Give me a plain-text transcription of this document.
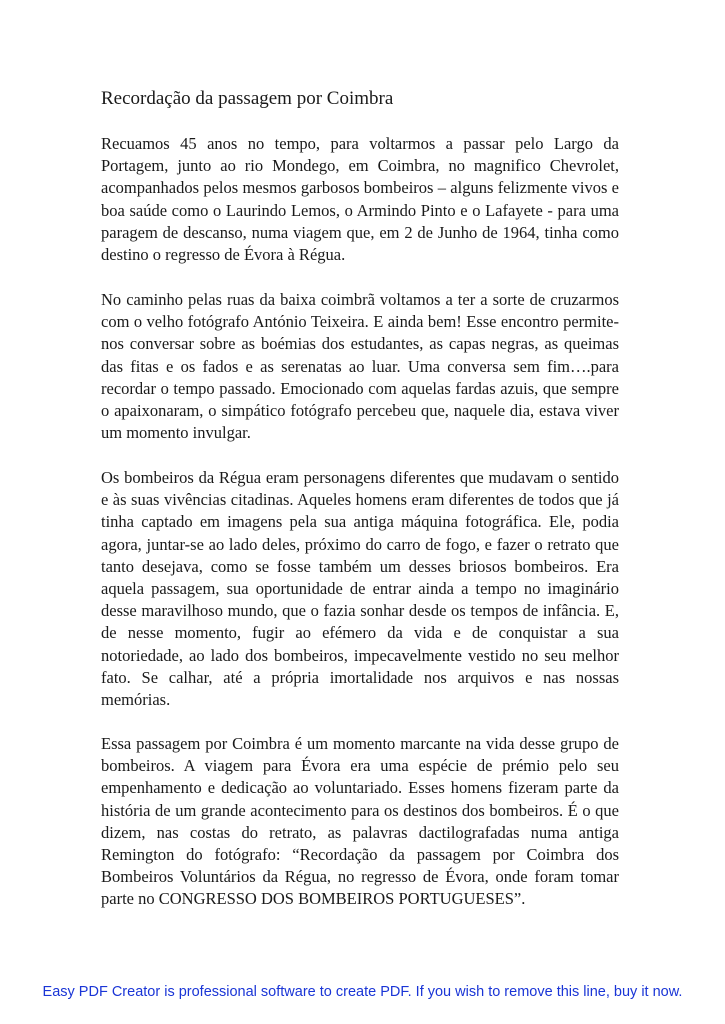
Recordação da passagem por Coimbra

Recuamos 45 anos no tempo, para voltarmos a passar pelo Largo da Portagem, junto ao rio Mondego, em Coimbra, no magnifico Chevrolet, acompanhados pelos mesmos garbosos bombeiros – alguns felizmente vivos e boa saúde como o Laurindo Lemos, o Armindo Pinto e o Lafayete - para uma paragem de descanso, numa viagem que, em 2 de Junho de 1964, tinha como destino o regresso de Évora à Régua.

No caminho pelas ruas da baixa coimbrã voltamos a ter a sorte de cruzarmos com o velho fotógrafo António Teixeira. E ainda bem! Esse encontro permite-nos conversar sobre as boémias dos estudantes, as capas negras, as queimas das fitas e os fados e as serenatas ao luar. Uma conversa sem fim….para recordar o tempo passado. Emocionado com aquelas fardas azuis, que sempre o apaixonaram, o simpático fotógrafo percebeu que, naquele dia, estava viver um momento invulgar.

Os bombeiros da Régua eram personagens diferentes que mudavam o sentido e às suas vivências citadinas. Aqueles homens eram diferentes de todos que já tinha captado em imagens pela sua antiga máquina fotográfica. Ele, podia agora, juntar-se ao lado deles, próximo do carro de fogo, e fazer o retrato que tanto desejava, como se fosse também um desses briosos bombeiros. Era aquela passagem, sua oportunidade de entrar ainda a tempo no imaginário desse maravilhoso mundo, que o fazia sonhar desde os tempos de infância. E, de nesse momento, fugir ao efémero da vida e de conquistar a sua notoriedade, ao lado dos bombeiros, impecavelmente vestido no seu melhor fato. Se calhar, até a própria imortalidade nos arquivos e nas nossas memórias.

Essa passagem por Coimbra é um momento marcante na vida desse grupo de bombeiros. A viagem para Évora era uma espécie de prémio pelo seu empenhamento e dedicação ao voluntariado. Esses homens fizeram parte da história de um grande acontecimento para os destinos dos bombeiros. É o que dizem, nas costas do retrato, as palavras dactilografadas numa antiga Remington do fotógrafo: “Recordação da passagem por Coimbra dos Bombeiros Voluntários da Régua, no regresso de Évora, onde foram tomar parte no CONGRESSO DOS BOMBEIROS PORTUGUESES”.

Easy PDF Creator is professional software to create PDF. If you wish to remove this line, buy it now.
